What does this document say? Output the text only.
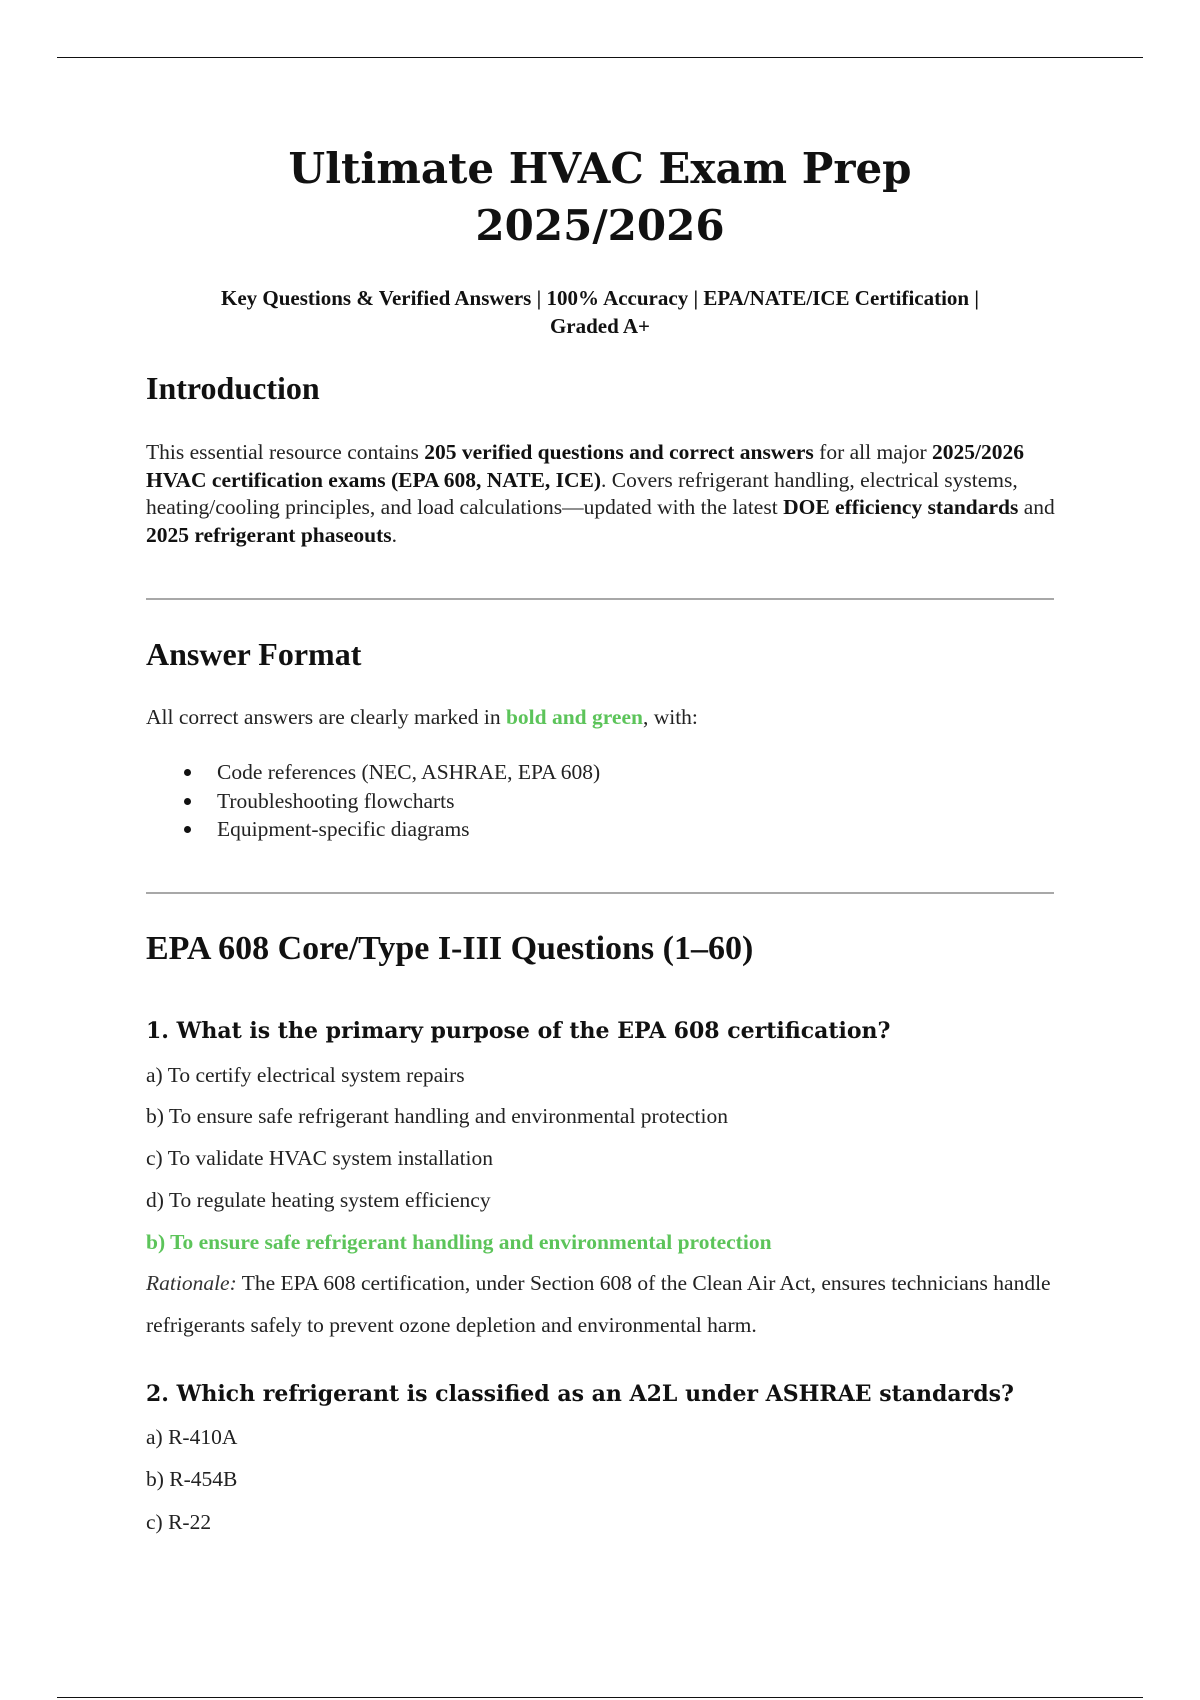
Ultimate HVAC Exam Prep
2025/2026

Key Questions & Verified Answers | 100% Accuracy | EPA/NATE/ICE Certification |
Graded A+

Introduction

This essential resource contains 205 verified questions and correct answers for all major 2025/2026 HVAC certification exams (EPA 608, NATE, ICE). Covers refrigerant handling, electrical systems, heating/cooling principles, and load calculations—updated with the latest DOE efficiency standards and 2025 refrigerant phaseouts.

Answer Format

All correct answers are clearly marked in bold and green, with:

Code references (NEC, ASHRAE, EPA 608)
Troubleshooting flowcharts
Equipment-specific diagrams
EPA 608 Core/Type I-III Questions (1–60)
1. What is the primary purpose of the EPA 608 certification?

a) To certify electrical system repairs

b) To ensure safe refrigerant handling and environmental protection

c) To validate HVAC system installation

d) To regulate heating system efficiency

b) To ensure safe refrigerant handling and environmental protection

Rationale: The EPA 608 certification, under Section 608 of the Clean Air Act, ensures technicians handle refrigerants safely to prevent ozone depletion and environmental harm.

2. Which refrigerant is classified as an A2L under ASHRAE standards?

a) R-410A

b) R-454B

c) R-22
